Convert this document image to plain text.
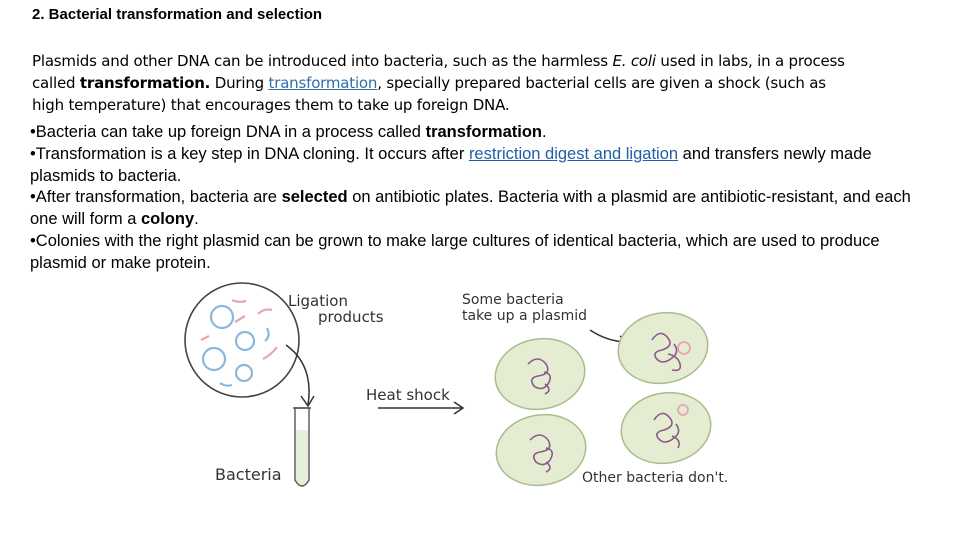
2. Bacterial transformation and selection
Plasmids and other DNA can be introduced into bacteria, such as the harmless E. coli used in labs, in a process called transformation. During transformation, specially prepared bacterial cells are given a shock (such as high temperature) that encourages them to take up foreign DNA.

•Bacteria can take up foreign DNA in a process called transformation.

•Transformation is a key step in DNA cloning. It occurs after restriction digest and ligation and transfers newly made plasmids to bacteria.

•After transformation, bacteria are selected on antibiotic plates. Bacteria with a plasmid are antibiotic-resistant, and each one will form a colony.

•Colonies with the right plasmid can be grown to make large cultures of identical bacteria, which are used to produce plasmid or make protein.

Ligation
products
Bacteria
Heat shock
Some bacteria
take up a plasmid
Other bacteria don't.
